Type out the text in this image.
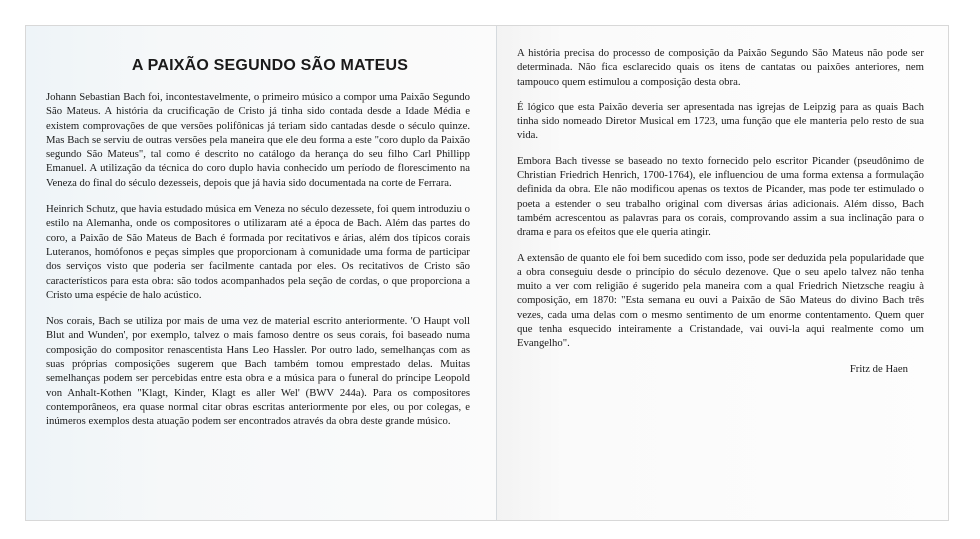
A PAIXÃO SEGUNDO SÃO MATEUS

Johann Sebastian Bach foi, incontestavelmente, o primeiro músico a compor uma Paixão Segundo São Mateus. A história da crucificação de Cristo já tinha sido contada desde a Idade Média e existem comprovações de que versões polifônicas já teriam sido cantadas desde o século quinze. Mas Bach se serviu de outras versões pela maneira que ele deu forma a este "coro duplo da Paixão segundo São Mateus", tal como é descrito no catálogo da herança do seu filho Carl Phillipp Emanuel. A utilização da técnica do coro duplo havia conhecido um período de florescimento na Veneza do final do século dezesseis, depois que já havia sido documentada na corte de Ferrara.

Heinrich Schutz, que havia estudado música em Veneza no século dezessete, foi quem introduziu o estilo na Alemanha, onde os compositores o utilizaram até a época de Bach. Além das partes do coro, a Paixão de São Mateus de Bach é formada por recitativos e árias, além dos típicos corais Luteranos, homófonos e peças simples que proporcionam à comunidade uma forma de participar dos serviços visto que poderia ser facilmente cantada por eles. Os recitativos de Cristo são característicos para esta obra: são todos acompanhados pela seção de cordas, o que proporciona a Cristo uma espécie de halo acústico.

Nos corais, Bach se utiliza por mais de uma vez de material escrito anteriormente. 'O Haupt voll Blut and Wunden', por exemplo, talvez o mais famoso dentre os seus corais, foi baseado numa composição do compositor renascentista Hans Leo Hassler. Por outro lado, semelhanças com as suas próprias composições sugerem que Bach também tomou emprestado delas. Muitas semelhanças podem ser percebidas entre esta obra e a música para o funeral do príncipe Leopold von Anhalt-Kothen "Klagt, Kinder, Klagt es aller Wel' (BWV 244a). Para os compositores contemporâneos, era quase normal citar obras escritas anteriormente por eles, ou por colegas, e inúmeros exemplos desta atuação podem ser encontrados através da obra deste grande músico.

A história precisa do processo de composição da Paixão Segundo São Mateus não pode ser determinada. Não fica esclarecido quais os itens de cantatas ou paixões anteriores, nem tampouco quem estimulou a composição desta obra.

É lógico que esta Paixão deveria ser apresentada nas igrejas de Leipzig para as quais Bach tinha sido nomeado Diretor Musical em 1723, uma função que ele manteria pelo resto de sua vida.

Embora Bach tivesse se baseado no texto fornecido pelo escritor Picander (pseudônimo de Christian Friedrich Henrich, 1700-1764), ele influenciou de uma forma extensa a formulação definida da obra. Ele não modificou apenas os textos de Picander, mas pode ter estimulado o poeta a estender o seu trabalho original com diversas árias adicionais. Além disso, Bach também acrescentou as palavras para os corais, comprovando assim a sua inclinação para o drama e para os efeitos que ele queria atingir.

A extensão de quanto ele foi bem sucedido com isso, pode ser deduzida pela popularidade que a obra conseguiu desde o princípio do século dezenove. Que o seu apelo talvez não tenha muito a ver com religião é sugerido pela maneira com a qual Friedrich Nietzsche reagiu à composição, em 1870: "Esta semana eu ouvi a Paixão de São Mateus do divino Bach três vezes, cada uma delas com o mesmo sentimento de um enorme contentamento. Quem quer que tenha esquecido inteiramente a Cristandade, vai ouvi-la aqui realmente como um Evangelho".

Fritz de Haen
